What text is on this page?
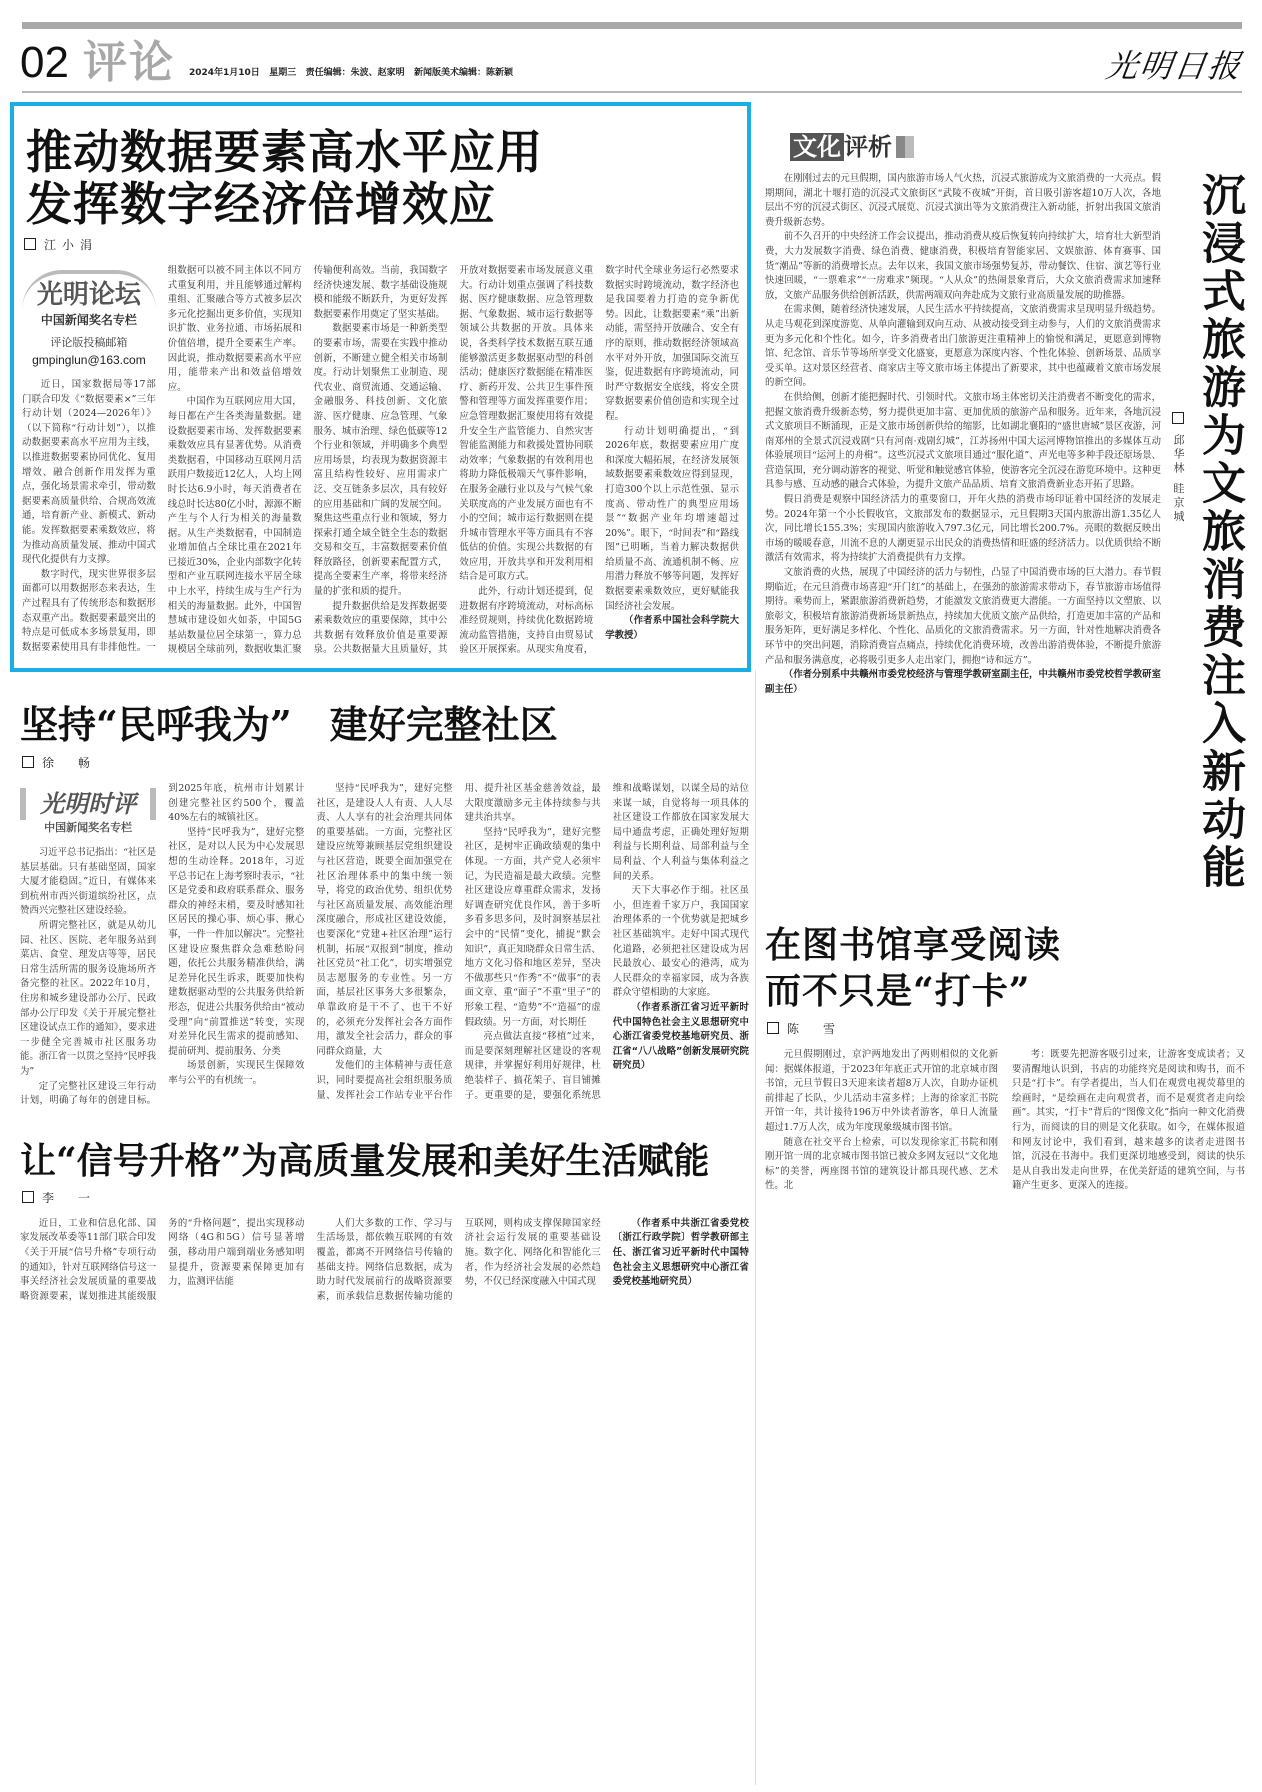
02 评论 2024年1月10日   星期三   责任编辑：朱波、赵家明   新闻版美术编辑：陈新颖	光明日报
推动数据要素高水平应用
发挥数字经济倍增效应
江小涓
光明论坛
中国新闻奖名专栏
评论版投稿邮箱
gmpinglun@163.com

近日，国家数据局等17部门联合印发《“数据要素×”三年行动计划（2024—2026年）》（以下简称“行动计划”），以推动数据要素高水平应用为主线，以推进数据要素协同优化、复用增效、融合创新作用发挥为重点，强化场景需求牵引，带动数据要素高质量供给、合规高效流通，培育新产业、新模式、新动能。发挥数据要素乘数效应，将为推动高质量发展、推动中国式现代化提供有力支撑。

数字时代，现实世界很多层面都可以用数据形态来表达，生产过程具有了传统形态和数据形态双重产出。数据要素最突出的特点是可低成本多场景复用，即数据要素使用具有非排他性。一组数据可以被不同主体以不同方式重复利用，并且能够通过解构重组、汇聚融合等方式被多层次多元化挖掘出更多价值，实现知识扩散、业务拉通、市场拓展和价值倍增，提升全要素生产率。因此说，推动数据要素高水平应用，能带来产出和效益倍增效应。

中国作为互联网应用大国，每日都在产生各类海量数据。建设数据要素市场、发挥数据要素乘数效应具有显著优势。从消费类数据看，中国移动互联网月活跃用户数接近12亿人，人均上网时长达6.9小时，每天消费者在线总时长达80亿小时，源源不断产生与个人行为相关的海量数据。从生产类数据看，中国制造业增加值占全球比重在2021年已接近30%，企业内部数字化转型和产业互联网连接水平居全球中上水平，持续生成与生产行为相关的海量数据。此外，中国智慧城市建设如火如荼，中国5G基站数量位居全球第一，算力总规模居全球前列，数据收集汇聚传输便利高效。当前，我国数字经济快速发展、数字基础设施规模和能级不断跃升，为更好发挥数据要素作用奠定了坚实基础。

数据要素市场是一种新类型的要素市场，需要在实践中推动创新，不断建立健全相关市场制度。行动计划聚焦工业制造、现代农业、商贸流通、交通运输、金融服务、科技创新、文化旅游、医疗健康、应急管理、气象服务、城市治理、绿色低碳等12个行业和领域，并明确多个典型应用场景，均表现为数据资源丰富且结构性较好、应用需求广泛、交互链条多层次，具有较好的应用基础和广阔的发展空间。聚焦这些重点行业和领域，努力探索打通全域全链全生态的数据交易和交互，丰富数据要素价值释放路径，创新要素配置方式，提高全要素生产率，将带来经济量的扩张和质的提升。

提升数据供给是发挥数据要素乘数效应的重要保障，其中公共数据有效释放价值是重要源泉。公共数据量大且质量好，其开放对数据要素市场发展意义重大。行动计划重点强调了科技数据、医疗健康数据、应急管理数据、气象数据、城市运行数据等领域公共数据的开放。具体来说，各类科学技术数据互联互通能够激活更多数据驱动型的科创活动；健康医疗数据能在精准医疗、新药开发、公共卫生事件预警和管理等方面发挥重要作用；应急管理数据汇聚使用将有效提升安全生产监管能力、自然灾害智能监测能力和救援处置协同联动效率；气象数据的有效利用也将助力降低极端天气事件影响，在服务金融行业以及与气候气象关联度高的产业发展方面也有不小的空间；城市运行数据则在提升城市管理水平等方面具有不容低估的价值。实现公共数据的有效应用，开放共享和开发利用相结合是可取方式。

此外，行动计划还提到，促进数据有序跨境流动，对标高标准经贸规则，持续优化数据跨境流动监管措施，支持自由贸易试验区开展探索。从现实角度看，数字时代全球业务运行必然要求数据实时跨境流动，数字经济也是我国要着力打造的竞争新优势。因此，让数据要素“乘”出新动能，需坚持开放融合、安全有序的原则，推动数据经济领域高水平对外开放，加强国际交流互鉴，促进数据有序跨境流动，同时严守数据安全底线，将安全贯穿数据要素价值创造和实现全过程。

行动计划明确提出，“到2026年底，数据要素应用广度和深度大幅拓展，在经济发展领域数据要素乘数效应得到显现，打造300个以上示范性强、显示度高、带动性广的典型应用场景”“数据产业年均增速超过20%”。眼下，“时间表”和“路线图”已明晰，当着力解决数据供给质量不高、流通机制不畅、应用潜力释放不够等问题，发挥好数据要素乘数效应，更好赋能我国经济社会发展。

（作者系中国社会科学院大学教授）

坚持“民呼我为”　建好完整社区
徐　畅
光明时评
中国新闻奖名专栏

习近平总书记指出：“社区是基层基础。只有基础坚固，国家大厦才能稳固。”近日，有媒体来到杭州市西兴街道缤纷社区，点赞西兴完整社区建设经验。

所谓完整社区，就是从幼儿园、社区、医院、老年服务站到菜店、食堂、理发店等等，居民日常生活所需的服务设施场所齐备完整的社区。2022年10月，住房和城乡建设部办公厅、民政部办公厅印发《关于开展完整社区建设试点工作的通知》，要求进一步健全完善城市社区服务功能。浙江省一以贯之坚持“民呼我为”

定了完整社区建设三年行动计划，明确了每年的创建目标。到2025年底，杭州市计划累计创建完整社区约500个，覆盖40%左右的城镇社区。

坚持“民呼我为”，建好完整社区，是对以人民为中心发展思想的生动诠释。2018年，习近平总书记在上海考察时表示，“社区是党委和政府联系群众、服务群众的神经末梢，要及时感知社区居民的操心事、烦心事、揪心事，一件一件加以解决”。完整社区建设应聚焦群众急难愁盼问题，依托公共服务精准供给，满足差异化民生诉求，既要加快构建数据驱动型的公共服务供给新形态，促进公共服务供给由“被动受理”向“前置推送”转变，实现对差异化民生需求的提前感知、提前研判、提前服务、分类

场景创新，实现民生保障效率与公平的有机统一。

坚持“民呼我为”，建好完整社区，是建设人人有责、人人尽责、人人享有的社会治理共同体的重要基础。一方面，完整社区建设应统筹兼顾基层党组织建设与社区营造，既要全面加强党在社区治理体系中的集中统一领导，将党的政治优势、组织优势与社区高质量发展、高效能治理深度融合，形成社区建设效能，也要深化“党建+社区治理”运行机制，拓展“双报到”制度，推动社区党员“社工化”，切实增强党员志愿服务的专业性。另一方面，基层社区事务大多很繁杂，单靠政府是干不了、也干不好的，必须充分发挥社会各方面作用，激发全社会活力，群众的事同群众商量，大

发他们的主体精神与责任意识，同时要提高社会组织服务质量、发挥社会工作站专业平台作用、提升社区基金慈善效益，最大限度激励多元主体持续参与共建共治共享。

坚持“民呼我为”，建好完整社区，是树牢正确政绩观的集中体现。一方面，共产党人必须牢记，为民造福是最大政绩。完整社区建设应尊重群众需求，发扬好调查研究优良作风，善于多听多看多思多问，及时洞察基层社会中的“民情”变化，捕捉“默会知识”，真正知晓群众日常生活、地方文化习俗和地区差异，坚决不做那些只“作秀”不“做事”的表面文章、重“面子”不重“里子”的形象工程、“造势”不“造福”的虚假政绩。另一方面，对长期任

亮点做法直接“移植”过来，而是要深刻理解社区建设的客观规律，并掌握好利用好规律，杜绝装样子、搞花架子、盲目铺摊子。更重要的是，要强化系统思维和战略谋划，以谋全局的站位来谋一域，自觉将每一项具体的社区建设工作都放在国家发展大局中通盘考虑，正确处理好短期利益与长期利益、局部利益与全局利益、个人利益与集体利益之间的关系。

天下大事必作于细。社区虽小，但连着千家万户，我国国家治理体系的一个优势就是把城乡社区基础筑牢。走好中国式现代化道路，必须把社区建设成为居民最放心、最安心的港湾，成为人民群众的幸福家园，成为各族群众守望相助的大家庭。

（作者系浙江省习近平新时代中国特色社会主义思想研究中心浙江省委党校基地研究员、浙江省“八八战略”创新发展研究院研究员）

让“信号升格”为高质量发展和美好生活赋能
李　一

近日，工业和信息化部、国家发展改革委等11部门联合印发《关于开展“信号升格”专项行动的通知》，针对互联网络信号这一事关经济社会发展质量的重要战略资源要素，谋划推进其能级服务的“升格问题”，提出实现移动网络（4G和5G）信号显著增强，移动用户端到端业务感知明显提升，资源要素保障更加有力，监测评估能

人们大多数的工作、学习与生活场景，都依赖互联网的有效覆盖，都离不开网络信号传输的基础支持。网络信息数据，成为助力时代发展前行的战略资源要素，而承载信息数据传输功能的互联网，则构成支撑保障国家经济社会运行发展的重要基础设施。数字化、网络化和智能化三者，作为经济社会发展的必然趋势，不仅已经深度融入中国式现

（作者系中共浙江省委党校〔浙江行政学院〕哲学教研部主任、浙江省习近平新时代中国特色社会主义思想研究中心浙江省委党校基地研究员）

文化 评析
邱华林 眭京城 沉浸式旅游为文旅消费注入新动能

在刚刚过去的元旦假期，国内旅游市场人气火热，沉浸式旅游成为文旅消费的一大亮点。假期期间，湖北十堰打造的沉浸式文旅街区“武陵不夜城”开街，首日吸引游客超10万人次，各地层出不穷的沉浸式街区、沉浸式展览、沉浸式演出等为文旅消费注入新动能，折射出我国文旅消费升级新态势。

前不久召开的中央经济工作会议提出，推动消费从疫后恢复转向持续扩大，培育壮大新型消费，大力发展数字消费、绿色消费、健康消费，积极培育智能家居、文娱旅游、体育赛事、国货“潮品”等新的消费增长点。去年以来，我国文旅市场强势复苏，带动餐饮、住宿、演艺等行业快速回暖，“一票难求”“一房难求”频现。“人从众”的热闹景象背后，大众文旅消费需求加速释放，文旅产品服务供给创新活跃，供需两端双向奔赴成为文旅行业高质量发展的助推器。

在需求侧，随着经济快速发展，人民生活水平持续提高，文旅消费需求呈现明显升级趋势。从走马观花到深度游览、从单向灌输到双向互动、从被动接受到主动参与，人们的文旅消费需求更为多元化和个性化。如今，许多消费者出门旅游更注重精神上的愉悦和满足，更愿意到博物馆、纪念馆、音乐节等场所享受文化盛宴，更愿意为深度内容、个性化体验、创新场景、品质享受买单。这对景区经营者、商家店主等文旅市场主体提出了新要求，其中也蕴藏着文旅市场发展的新空间。

在供给侧，创新才能把握时代、引领时代。文旅市场主体密切关注消费者不断变化的需求，把握文旅消费升级新态势，努力提供更加丰富、更加优质的旅游产品和服务。近年来，各地沉浸式文旅项目不断涌现，正是文旅市场创新供给的缩影，比如湖北襄阳的“盛世唐城”景区夜游，河南郑州的全景式沉浸戏剧“只有河南·戏剧幻城”，江苏扬州中国大运河博物馆推出的多媒体互动体验展项目“运河上的舟楫”。这些沉浸式文旅项目通过“服化道”、声光电等多种手段还原场景、营造氛围，充分调动游客的视觉、听觉和触觉感官体验，使游客完全沉浸在游览环境中。这种更具参与感、互动感的融合式体验，为提升文旅产品品质、培育文旅消费新业态开拓了思路。

假日消费是观察中国经济活力的重要窗口，开年火热的消费市场印证着中国经济的发展走势。2024年第一个小长假收官，文旅部发布的数据显示，元旦假期3天国内旅游出游1.35亿人次，同比增长155.3%；实现国内旅游收入797.3亿元，同比增长200.7%。亮眼的数据反映出市场的暖暖春意，川流不息的人潮更显示出民众的消费热情和旺盛的经济活力。以优质供给不断激活有效需求，将为持续扩大消费提供有力支撑。

文旅消费的火热，展现了中国经济的活力与韧性，凸显了中国消费市场的巨大潜力。春节假期临近，在元旦消费市场喜迎“开门红”的基础上，在强劲的旅游需求带动下，春节旅游市场值得期待。乘势而上，紧跟旅游消费新趋势，才能激发文旅消费更大潜能。一方面坚持以文塑旅、以旅彰文，积极培育旅游消费新场景新热点，持续加大优质文旅产品供给，打造更加丰富的产品和服务矩阵，更好满足多样化、个性化、品质化的文旅消费需求。另一方面，针对性地解决消费各环节中的突出问题，消除消费盲点痛点，持续优化消费环境，改善出游消费体验，不断提升旅游产品和服务满意度，必将吸引更多人走出家门，拥抱“诗和远方”。

（作者分别系中共赣州市委党校经济与管理学教研室副主任，中共赣州市委党校哲学教研室副主任）

在图书馆享受阅读
而不只是“打卡”
陈　雪

元旦假期刚过，京沪两地发出了两则相似的文化新闻：据媒体报道，于2023年年底正式开馆的北京城市图书馆，元旦节假日3天迎来读者超8万人次，自助办证机前排起了长队，少儿活动丰富多样；上海的徐家汇书院开馆一年，共计接待196万中外读者游客，单日人流量超过1.7万人次，成为年度现象级城市图书馆。

随意在社交平台上检索，可以发现徐家汇书院和刚刚开馆一周的北京城市图书馆已被众多网友冠以“文化地标”的美誉，两座图书馆的建筑设计都具现代感、艺术性。北

考：既要先把游客吸引过来，让游客变成读者；又要清醒地认识到，书店的功能终究是阅读和购书，而不只是“打卡”。有学者提出，当人们在观赏电视荧幕里的绘画时，“是绘画在走向观赏者，而不是观赏者走向绘画”。其实，“打卡”背后的“图像文化”指向一种文化消费行为，而阅读的目的则是文化获取。如今，在媒体报道和网友讨论中，我们看到，越来越多的读者走进图书馆，沉浸在书海中。我们更深切地感受到，阅读的快乐是从自我出发走向世界，在优美舒适的建筑空间，与书籍产生更多、更深入的连接。
